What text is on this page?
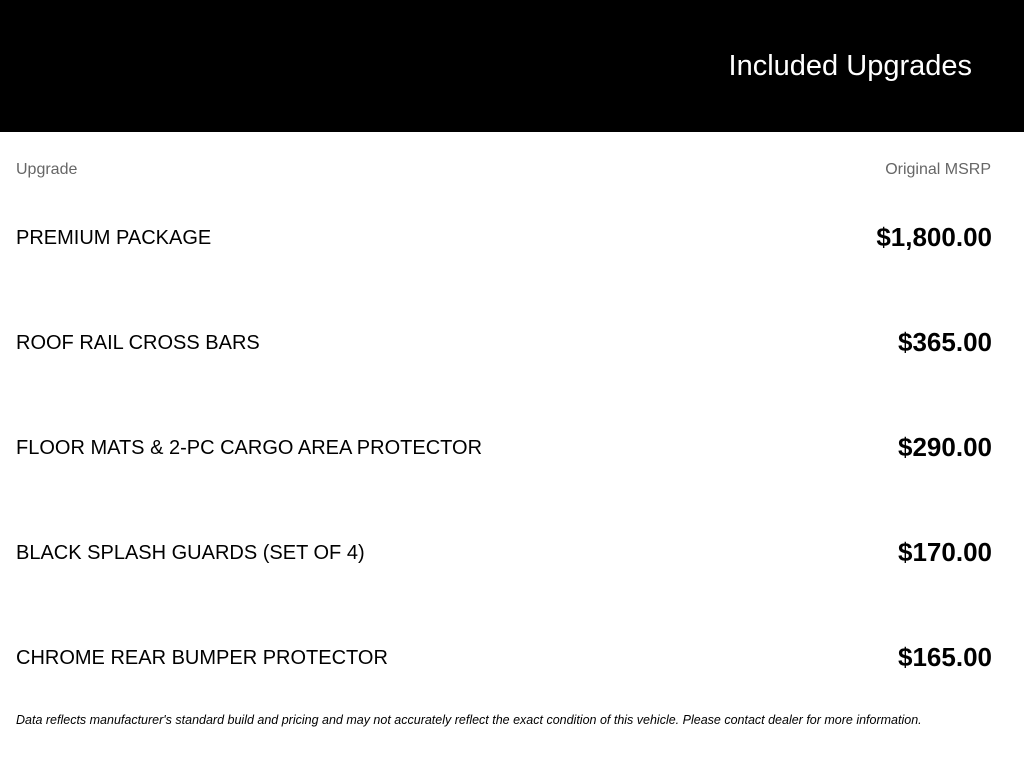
Included Upgrades
Upgrade	Original MSRP
PREMIUM PACKAGE	$1,800.00
ROOF RAIL CROSS BARS	$365.00
FLOOR MATS & 2-PC CARGO AREA PROTECTOR	$290.00
BLACK SPLASH GUARDS (SET OF 4)	$170.00
CHROME REAR BUMPER PROTECTOR	$165.00
Data reflects manufacturer's standard build and pricing and may not accurately reflect the exact condition of this vehicle. Please contact dealer for more information.
